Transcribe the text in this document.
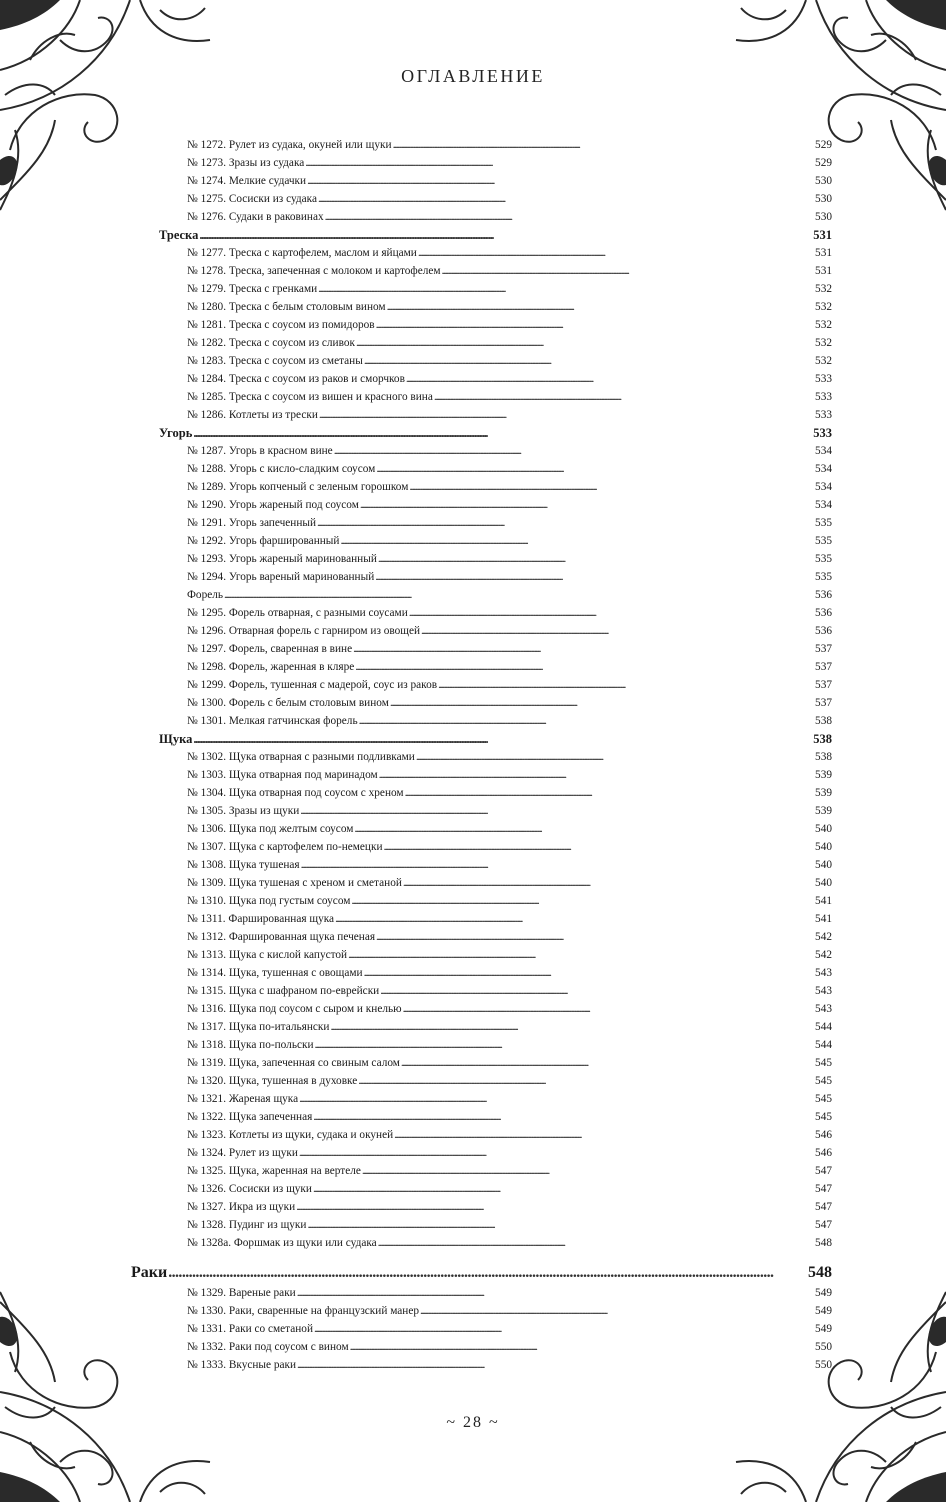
ОГЛАВЛЕНИЕ
№ 1272. Рулет из судака, окуней или щуки . . .	529
№ 1273. Зразы из судака . . .	529
№ 1274. Мелкие судачки . . .	530
№ 1275. Сосиски из судака . . .	530
№ 1276. Судаки в раковинах . . .	530
Треска . . .	531
№ 1277. Треска с картофелем, маслом и яйцами . . .	531
№ 1278. Треска, запеченная с молоком и картофелем . . .	531
№ 1279. Треска с гренками . . .	532
№ 1280. Треска с белым столовым вином . . .	532
№ 1281. Треска с соусом из помидоров . . .	532
№ 1282. Треска с соусом из сливок . . .	532
№ 1283. Треска с соусом из сметаны . . .	532
№ 1284. Треска с соусом из раков и сморчков . . .	533
№ 1285. Треска с соусом из вишен и красного вина . . .	533
№ 1286. Котлеты из трески . . .	533
Угорь . . .	533
№ 1287. Угорь в красном вине . . .	534
№ 1288. Угорь с кисло-сладким соусом . . .	534
№ 1289. Угорь копченый с зеленым горошком . . .	534
№ 1290. Угорь жареный под соусом . . .	534
№ 1291. Угорь запеченный . . .	535
№ 1292. Угорь фаршированный . . .	535
№ 1293. Угорь жареный маринованный . . .	535
№ 1294. Угорь вареный маринованный . . .	535
Форель . . .	536
№ 1295. Форель отварная, с разными соусами . . .	536
№ 1296. Отварная форель с гарниром из овощей . . .	536
№ 1297. Форель, сваренная в вине . . .	537
№ 1298. Форель, жаренная в кляре . . .	537
№ 1299. Форель, тушенная с мадерой, соус из раков . . .	537
№ 1300. Форель с белым столовым вином . . .	537
№ 1301. Мелкая гатчинская форель . . .	538
Щука . . .	538
№ 1302. Щука отварная с разными подливками . . .	538
№ 1303. Щука отварная под маринадом . . .	539
№ 1304. Щука отварная под соусом с хреном . . .	539
№ 1305. Зразы из щуки . . .	539
№ 1306. Щука под желтым соусом . . .	540
№ 1307. Щука с картофелем по-немецки . . .	540
№ 1308. Щука тушеная . . .	540
№ 1309. Щука тушеная с хреном и сметаной . . .	540
№ 1310. Щука под густым соусом . . .	541
№ 1311. Фаршированная щука . . .	541
№ 1312. Фаршированная щука печеная . . .	542
№ 1313. Щука с кислой капустой . . .	542
№ 1314. Щука, тушенная с овощами . . .	543
№ 1315. Щука с шафраном по-еврейски . . .	543
№ 1316. Щука под соусом с сыром и кнелью . . .	543
№ 1317. Щука по-итальянски . . .	544
№ 1318. Щука по-польски . . .	544
№ 1319. Щука, запеченная со свиным салом . . .	545
№ 1320. Щука, тушенная в духовке . . .	545
№ 1321. Жареная щука . . .	545
№ 1322. Щука запеченная . . .	545
№ 1323. Котлеты из щуки, судака и окуней . . .	546
№ 1324. Рулет из щуки . . .	546
№ 1325. Щука, жаренная на вертеле . . .	547
№ 1326. Сосиски из щуки . . .	547
№ 1327. Икра из щуки . . .	547
№ 1328. Пудинг из щуки . . .	547
№ 1328а. Форшмак из щуки или судака . . .	548
Раки . . .	548
№ 1329. Вареные раки . . .	549
№ 1330. Раки, сваренные на французский манер . . .	549
№ 1331. Раки со сметаной . . .	549
№ 1332. Раки под соусом с вином . . .	550
№ 1333. Вкусные раки . . .	550
~ 28 ~
